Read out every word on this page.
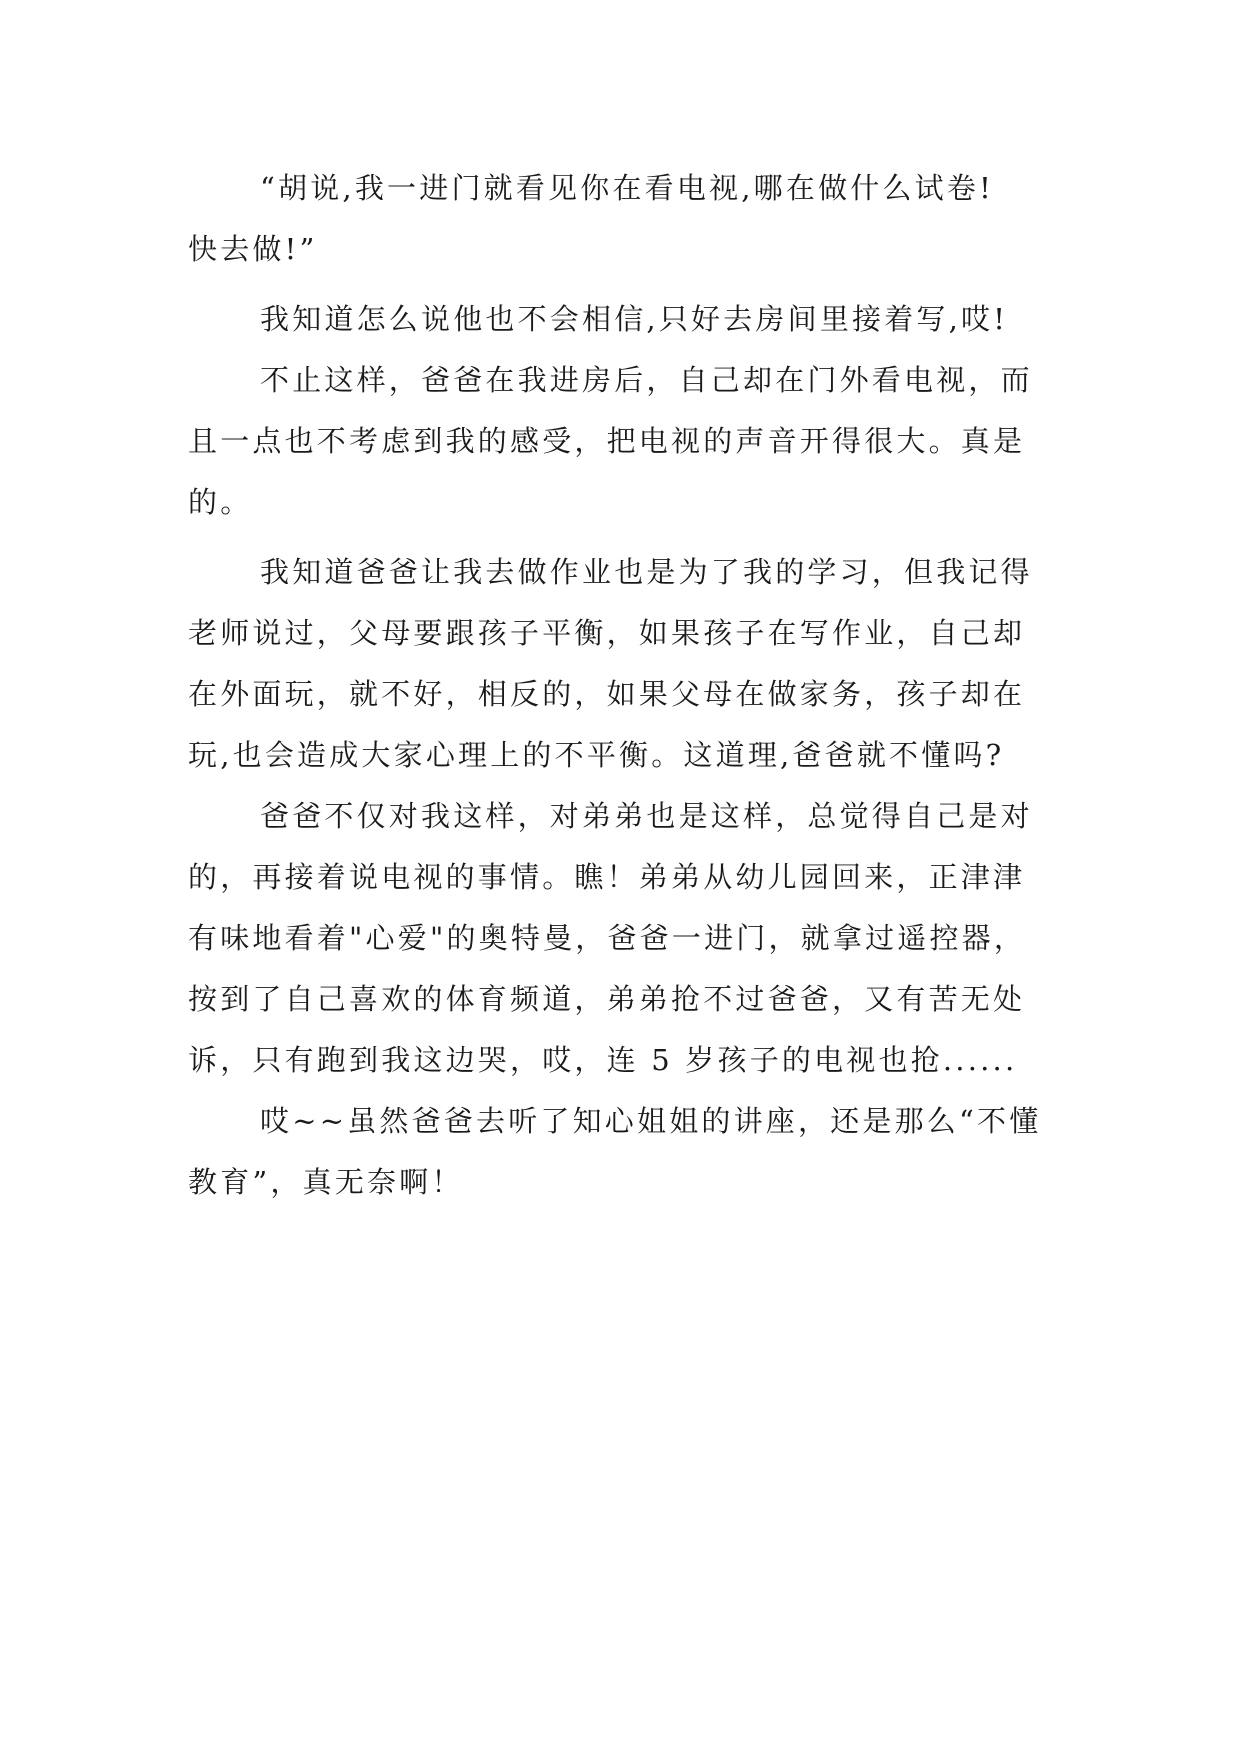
“胡说,我一进门就看见你在看电视,哪在做什么试卷!
快去做!”
我知道怎么说他也不会相信,只好去房间里接着写,哎!
不止这样，爸爸在我进房后，自己却在门外看电视，而
且一点也不考虑到我的感受，把电视的声音开得很大。真是
的。
我知道爸爸让我去做作业也是为了我的学习，但我记得
老师说过，父母要跟孩子平衡，如果孩子在写作业，自己却
在外面玩，就不好，相反的，如果父母在做家务，孩子却在
玩,也会造成大家心理上的不平衡。这道理,爸爸就不懂吗?
爸爸不仅对我这样，对弟弟也是这样，总觉得自己是对
的，再接着说电视的事情。瞧！弟弟从幼儿园回来，正津津
有味地看着"心爱"的奥特曼，爸爸一进门，就拿过遥控器，
按到了自己喜欢的体育频道，弟弟抢不过爸爸，又有苦无处
诉，只有跑到我这边哭，哎，连 5 岁孩子的电视也抢......
哎~~虽然爸爸去听了知心姐姐的讲座，还是那么“不懂
教育”，真无奈啊！
